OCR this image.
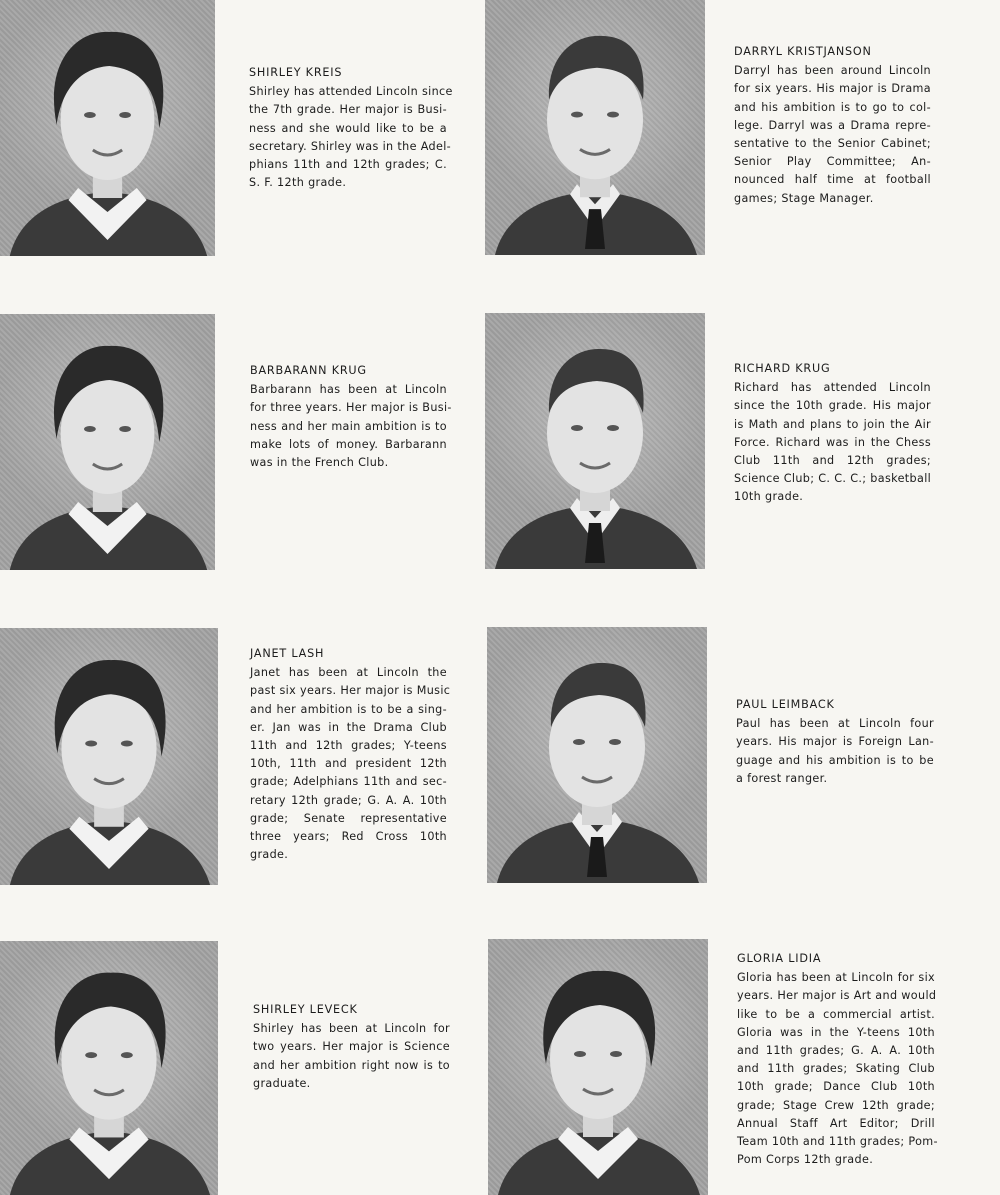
SHIRLEY KREIS
Shirley has attended Lincoln since
the 7th grade. Her major is Busi-
ness and she would like to be a
secretary. Shirley was in the Adel-
phians 11th and 12th grades; C.
S. F. 12th grade.
DARRYL KRISTJANSON
Darryl has been around Lincoln
for six years. His major is Drama
and his ambition is to go to col-
lege. Darryl was a Drama repre-
sentative to the Senior Cabinet;
Senior Play Committee; An-
nounced half time at football
games; Stage Manager.
BARBARANN KRUG
Barbarann has been at Lincoln
for three years. Her major is Busi-
ness and her main ambition is to
make lots of money. Barbarann
was in the French Club.
RICHARD KRUG
Richard has attended Lincoln
since the 10th grade. His major
is Math and plans to join the Air
Force. Richard was in the Chess
Club 11th and 12th grades;
Science Club; C. C. C.; basketball
10th grade.
JANET LASH
Janet has been at Lincoln the
past six years. Her major is Music
and her ambition is to be a sing-
er. Jan was in the Drama Club
11th and 12th grades; Y-teens
10th, 11th and president 12th
grade; Adelphians 11th and sec-
retary 12th grade; G. A. A. 10th
grade; Senate representative
three years; Red Cross 10th
grade.
PAUL LEIMBACK
Paul has been at Lincoln four
years. His major is Foreign Lan-
guage and his ambition is to be
a forest ranger.
SHIRLEY LEVECK
Shirley has been at Lincoln for
two years. Her major is Science
and her ambition right now is to
graduate.
GLORIA LIDIA
Gloria has been at Lincoln for six
years. Her major is Art and would
like to be a commercial artist.
Gloria was in the Y-teens 10th
and 11th grades; G. A. A. 10th
and 11th grades; Skating Club
10th grade; Dance Club 10th
grade; Stage Crew 12th grade;
Annual Staff Art Editor; Drill
Team 10th and 11th grades; Pom-
Pom Corps 12th grade.
